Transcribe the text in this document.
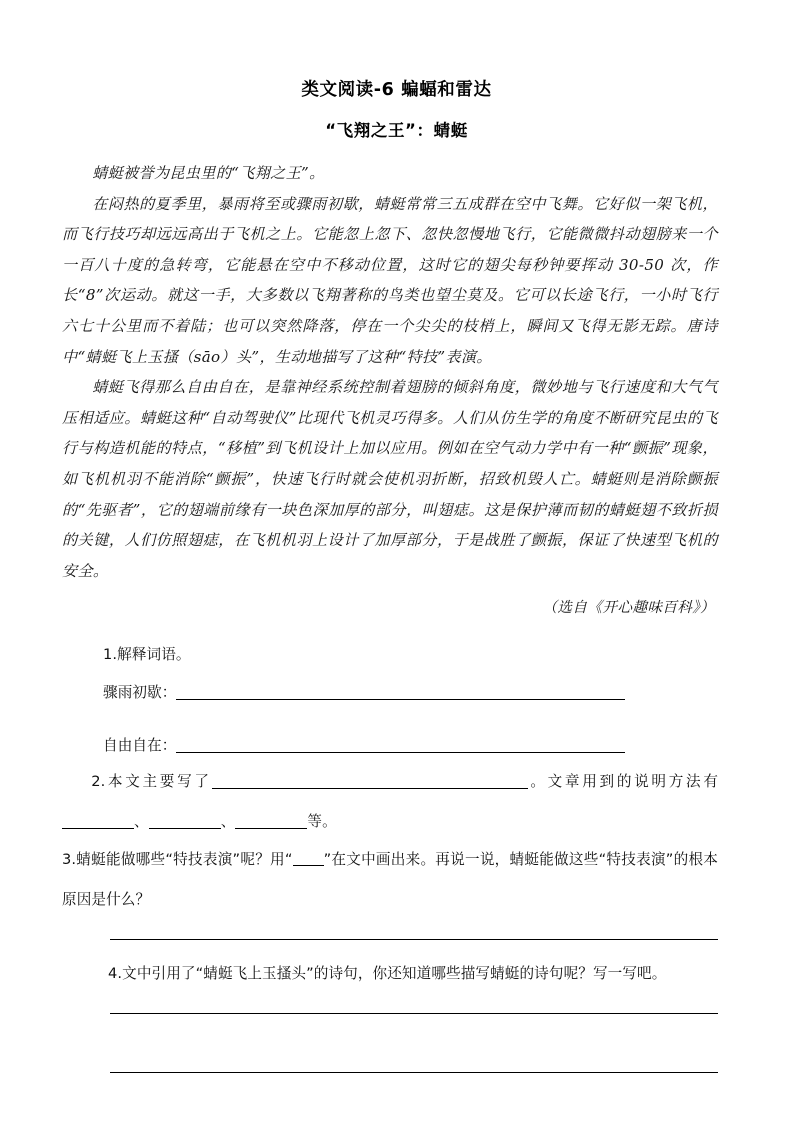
类文阅读-6 蝙蝠和雷达
“飞翔之王”：蜻蜓

蜻蜓被誉为昆虫里的“飞翔之王”。

在闷热的夏季里，暴雨将至或骤雨初歇，蜻蜓常常三五成群在空中飞舞。它好似一架飞机，而飞行技巧却远远高出于飞机之上。它能忽上忽下、忽快忽慢地飞行，它能微微抖动翅膀来一个一百八十度的急转弯，它能悬在空中不移动位置，这时它的翅尖每秒钟要挥动 30-50 次，作长“8”次运动。就这一手，大多数以飞翔著称的鸟类也望尘莫及。它可以长途飞行，一小时飞行六七十公里而不着陆；也可以突然降落，停在一个尖尖的枝梢上，瞬间又飞得无影无踪。唐诗中“蜻蜓飞上玉搔（sāo）头”，生动地描写了这种“特技”表演。

蜻蜓飞得那么自由自在，是靠神经系统控制着翅膀的倾斜角度，微妙地与飞行速度和大气气压相适应。蜻蜓这种“自动驾驶仪”比现代飞机灵巧得多。人们从仿生学的角度不断研究昆虫的飞行与构造机能的特点，“移植”到飞机设计上加以应用。例如在空气动力学中有一种“颤振”现象，如飞机机羽不能消除“颤振”，快速飞行时就会使机羽折断，招致机毁人亡。蜻蜓则是消除颤振的“先驱者”，它的翅端前缘有一块色深加厚的部分，叫翅痣。这是保护薄而韧的蜻蜓翅不致折损的关键，人们仿照翅痣，在飞机机羽上设计了加厚部分，于是战胜了颤振，保证了快速型飞机的安全。

（选自《开心趣味百科》）
1.解释词语。
骤雨初歇：
自由自在：
2.本文主要写了	。文章用到的说明方法有、	、	等。
3.蜻蜓能做哪些“特技表演”呢？用“ ”在文中画出来。再说一说，蜻蜓能做这些“特技表演”的根本原因是什么？
4.文中引用了“蜻蜓飞上玉搔头”的诗句，你还知道哪些描写蜻蜓的诗句呢？写一写吧。
